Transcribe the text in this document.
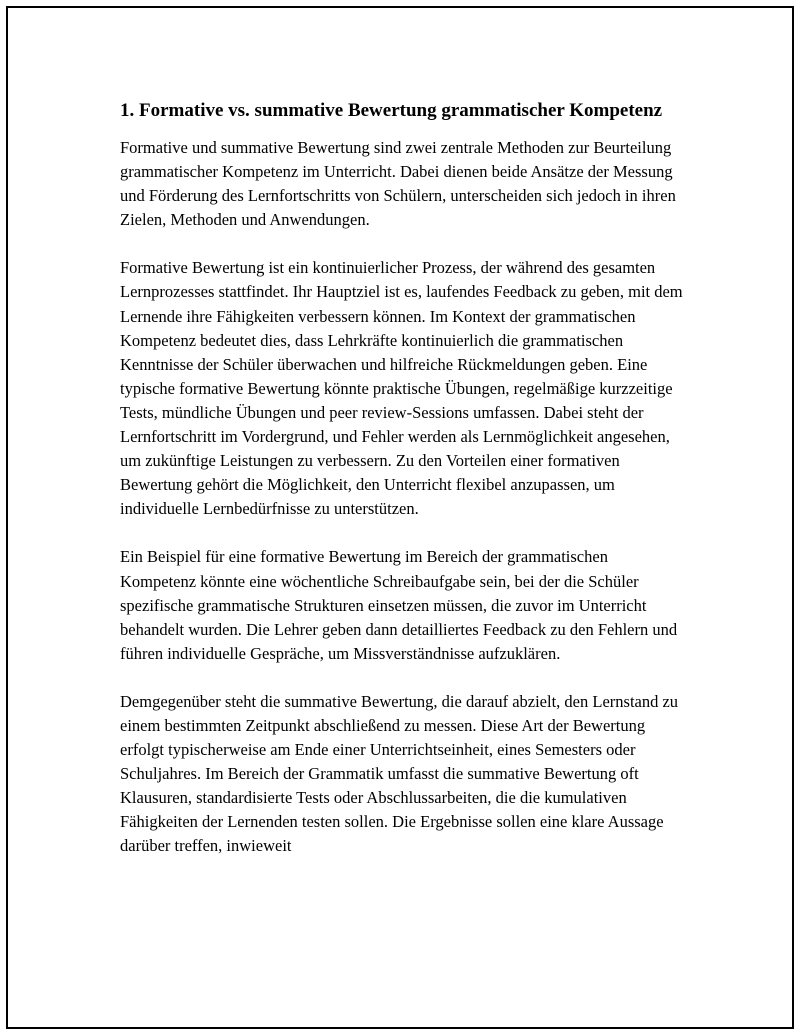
1. Formative vs. summative Bewertung grammatischer Kompetenz

Formative und summative Bewertung sind zwei zentrale Methoden zur Beurteilung grammatischer Kompetenz im Unterricht. Dabei dienen beide Ansätze der Messung und Förderung des Lernfortschritts von Schülern, unterscheiden sich jedoch in ihren Zielen, Methoden und Anwendungen.

Formative Bewertung ist ein kontinuierlicher Prozess, der während des gesamten Lernprozesses stattfindet. Ihr Hauptziel ist es, laufendes Feedback zu geben, mit dem Lernende ihre Fähigkeiten verbessern können. Im Kontext der grammatischen Kompetenz bedeutet dies, dass Lehrkräfte kontinuierlich die grammatischen Kenntnisse der Schüler überwachen und hilfreiche Rückmeldungen geben. Eine typische formative Bewertung könnte praktische Übungen, regelmäßige kurzzeitige Tests, mündliche Übungen und peer review-Sessions umfassen. Dabei steht der Lernfortschritt im Vordergrund, und Fehler werden als Lernmöglichkeit angesehen, um zukünftige Leistungen zu verbessern. Zu den Vorteilen einer formativen Bewertung gehört die Möglichkeit, den Unterricht flexibel anzupassen, um individuelle Lernbedürfnisse zu unterstützen.

Ein Beispiel für eine formative Bewertung im Bereich der grammatischen Kompetenz könnte eine wöchentliche Schreibaufgabe sein, bei der die Schüler spezifische grammatische Strukturen einsetzen müssen, die zuvor im Unterricht behandelt wurden. Die Lehrer geben dann detailliertes Feedback zu den Fehlern und führen individuelle Gespräche, um Missverständnisse aufzuklären.

Demgegenüber steht die summative Bewertung, die darauf abzielt, den Lernstand zu einem bestimmten Zeitpunkt abschließend zu messen. Diese Art der Bewertung erfolgt typischerweise am Ende einer Unterrichtseinheit, eines Semesters oder Schuljahres. Im Bereich der Grammatik umfasst die summative Bewertung oft Klausuren, standardisierte Tests oder Abschlussarbeiten, die die kumulativen Fähigkeiten der Lernenden testen sollen. Die Ergebnisse sollen eine klare Aussage darüber treffen, inwieweit
